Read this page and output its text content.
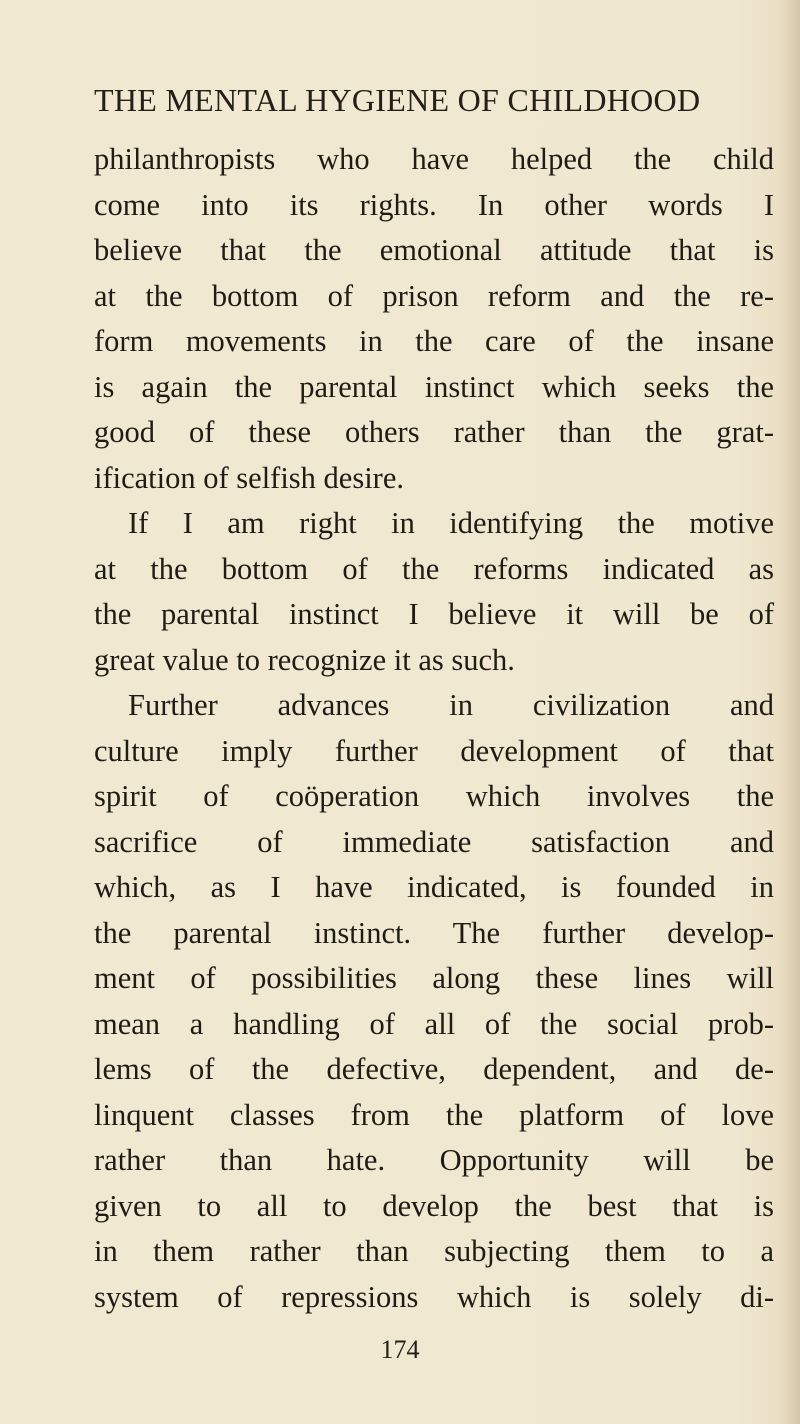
THE MENTAL HYGIENE OF CHILDHOOD
philanthropists who have helped the child
come into its rights. In other words I
believe that the emotional attitude that is
at the bottom of prison reform and the re-
form movements in the care of the insane
is again the parental instinct which seeks the
good of these others rather than the grat-
ification of selfish desire.
If I am right in identifying the motive
at the bottom of the reforms indicated as
the parental instinct I believe it will be of
great value to recognize it as such.
Further advances in civilization and
culture imply further development of that
spirit of coöperation which involves the
sacrifice of immediate satisfaction and
which, as I have indicated, is founded in
the parental instinct. The further develop-
ment of possibilities along these lines will
mean a handling of all of the social prob-
lems of the defective, dependent, and de-
linquent classes from the platform of love
rather than hate. Opportunity will be
given to all to develop the best that is
in them rather than subjecting them to a
system of repressions which is solely di-
174
